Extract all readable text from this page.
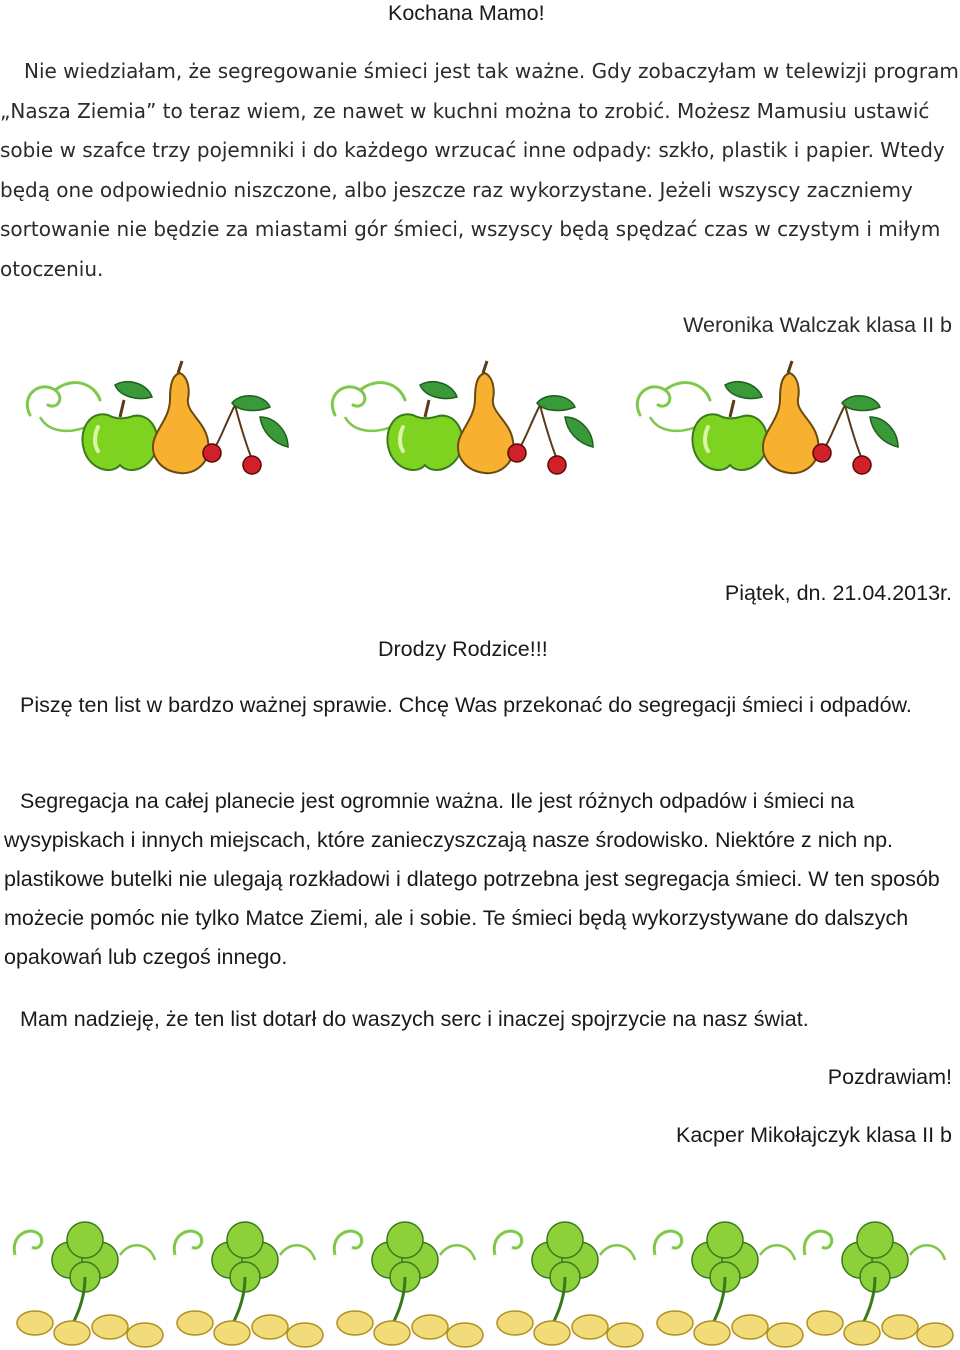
Kochana Mamo!

Nie wiedziałam, że segregowanie śmieci jest tak ważne. Gdy zobaczyłam w telewizji program „Nasza Ziemia” to teraz wiem, ze nawet w kuchni można to zrobić. Możesz Mamusiu ustawić sobie w szafce trzy pojemniki i do każdego wrzucać inne odpady: szkło, plastik i papier. Wtedy będą one odpowiednio niszczone, albo jeszcze raz wykorzystane. Jeżeli wszyscy zaczniemy sortowanie nie będzie za miastami gór śmieci, wszyscy będą spędzać czas w czystym i miłym otoczeniu.

Weronika Walczak klasa II b
Piątek, dn. 21.04.2013r.
Drodzy Rodzice!!!

Piszę ten list w bardzo ważnej sprawie. Chcę Was przekonać do segregacji śmieci i odpadów.

Segregacja na całej planecie jest ogromnie ważna. Ile jest różnych odpadów i śmieci na wysypiskach i innych miejscach, które zanieczyszczają nasze środowisko. Niektóre z nich np. plastikowe butelki nie ulegają rozkładowi i dlatego potrzebna jest segregacja śmieci. W ten sposób możecie pomóc nie tylko Matce Ziemi, ale i sobie. Te śmieci będą wykorzystywane do dalszych opakowań lub czegoś innego.

Mam nadzieję, że ten list dotarł do waszych serc i inaczej spojrzycie na nasz świat.

Pozdrawiam!
Kacper Mikołajczyk klasa II b
